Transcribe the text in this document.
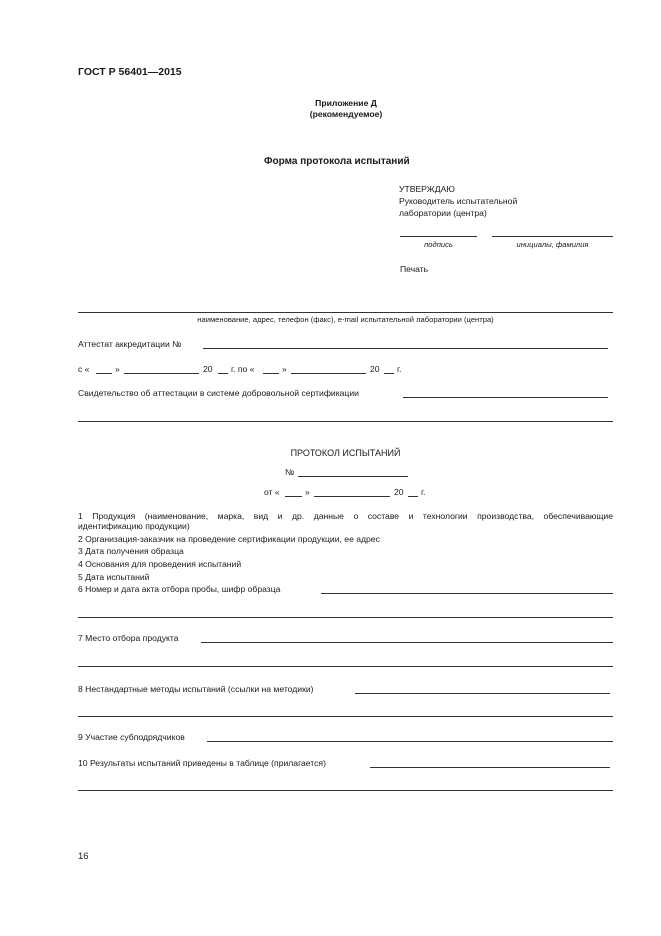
ГОСТ Р 56401—2015
Приложение Д
(рекомендуемое)
Форма протокола испытаний
УТВЕРЖДАЮ
Руководитель испытательной
лаборатории (центра)
подпись	инициалы, фамилия
Печать
наименование, адрес, телефон (факс), e-mail испытательной лаборатории (центра)
Аттестат аккредитации №
с «	»	20 г. по «	»	20 г.
Свидетельство об аттестации в системе добровольной сертификации
ПРОТОКОЛ ИСПЫТАНИЙ
№
от «	»	20 г.
1 Продукция (наименование, марка, вид и др. данные о составе и технологии производства, обеспечивающие
идентификацию продукции)
2 Организация-заказчик на проведение сертификации продукции, ее адрес
3 Дата получения образца
4 Основания для проведения испытаний
5 Дата испытаний
6 Номер и дата акта отбора пробы, шифр образца
7 Место отбора продукта
8 Нестандартные методы испытаний (ссылки на методики)
9 Участие субподрядчиков
10 Результаты испытаний приведены в таблице (прилагается)
16
